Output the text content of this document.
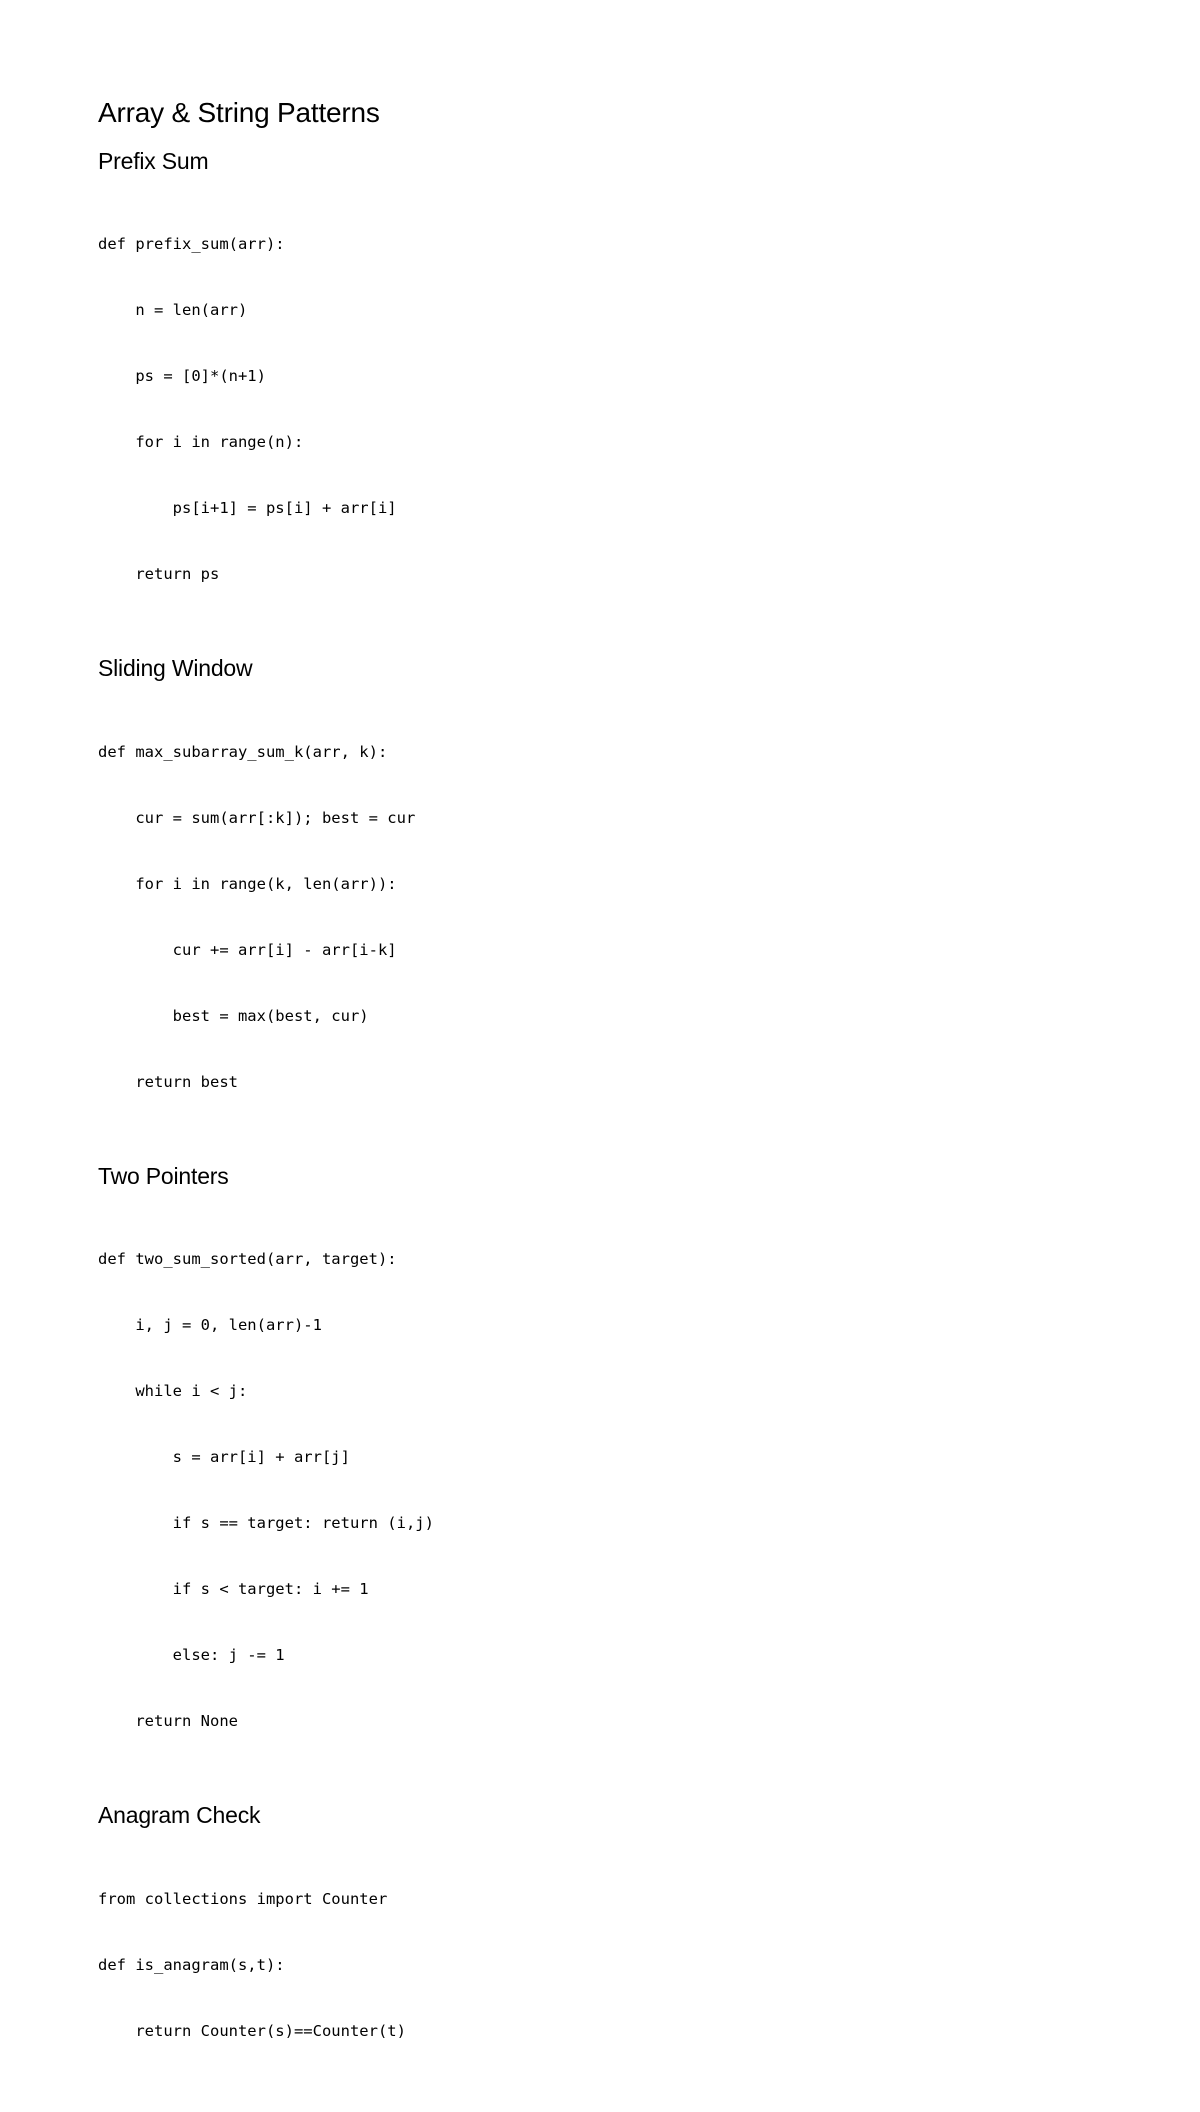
Array & String Patterns
Prefix Sum

def prefix_sum(arr):

n = len(arr)

ps = [0]*(n+1)

for i in range(n):

ps[i+1] = ps[i] + arr[i]

return ps

Sliding Window

def max_subarray_sum_k(arr, k):

cur = sum(arr[:k]); best = cur

for i in range(k, len(arr)):

cur += arr[i] - arr[i-k]

best = max(best, cur)

return best

Two Pointers

def two_sum_sorted(arr, target):

i, j = 0, len(arr)-1

while i < j:

s = arr[i] + arr[j]

if s == target: return (i,j)

if s < target: i += 1

else: j -= 1

return None

Anagram Check

from collections import Counter

def is_anagram(s,t):

return Counter(s)==Counter(t)
